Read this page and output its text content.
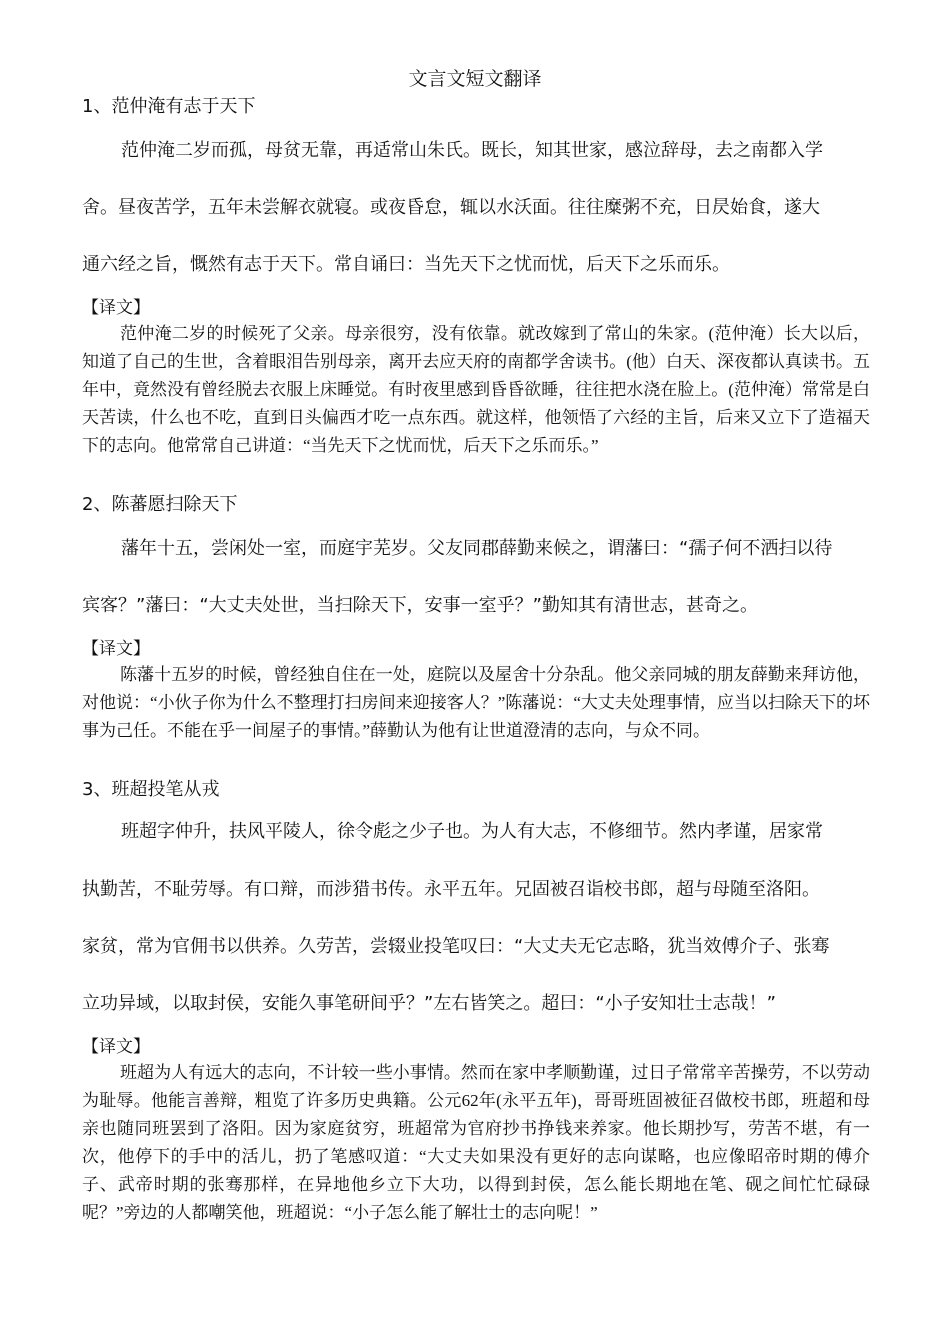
文言文短文翻译
1、范仲淹有志于天下
范仲淹二岁而孤，母贫无靠，再适常山朱氏。既长，知其世家，感泣辞母，去之南都入学
舍。昼夜苦学，五年未尝解衣就寝。或夜昏怠，辄以水沃面。往往糜粥不充，日昃始食，遂大
通六经之旨，慨然有志于天下。常自诵曰：当先天下之忧而忧，后天下之乐而乐。
【译文】

范仲淹二岁的时候死了父亲。母亲很穷，没有依靠。就改嫁到了常山的朱家。(范仲淹）长大以后，知道了自己的生世，含着眼泪告别母亲，离开去应天府的南都学舍读书。(他）白天、深夜都认真读书。五年中，竟然没有曾经脱去衣服上床睡觉。有时夜里感到昏昏欲睡，往往把水浇在脸上。(范仲淹）常常是白天苦读，什么也不吃，直到日头偏西才吃一点东西。就这样，他领悟了六经的主旨，后来又立下了造福天下的志向。他常常自己讲道：“当先天下之忧而忧，后天下之乐而乐。”

2、陈蕃愿扫除天下
藩年十五，尝闲处一室，而庭宇芜岁。父友同郡薛勤来候之，谓藩曰：“孺子何不洒扫以待
宾客？”藩曰：“大丈夫处世，当扫除天下，安事一室乎？”勤知其有清世志，甚奇之。
【译文】

陈藩十五岁的时候，曾经独自住在一处，庭院以及屋舍十分杂乱。他父亲同城的朋友薛勤来拜访他，对他说：“小伙子你为什么不整理打扫房间来迎接客人？”陈藩说：“大丈夫处理事情，应当以扫除天下的坏事为己任。不能在乎一间屋子的事情。”薛勤认为他有让世道澄清的志向，与众不同。

3、班超投笔从戎
班超字仲升，扶风平陵人，徐令彪之少子也。为人有大志，不修细节。然内孝谨，居家常
执勤苦，不耻劳辱。有口辩，而涉猎书传。永平五年。兄固被召诣校书郎，超与母随至洛阳。
家贫，常为官佣书以供养。久劳苦，尝辍业投笔叹曰：“大丈夫无它志略，犹当效傅介子、张骞
立功异域，以取封侯，安能久事笔研间乎？”左右皆笑之。超曰：“小子安知壮士志哉！”
【译文】

班超为人有远大的志向，不计较一些小事情。然而在家中孝顺勤谨，过日子常常辛苦操劳，不以劳动为耻辱。他能言善辩，粗览了许多历史典籍。公元62年(永平五年)，哥哥班固被征召做校书郎，班超和母亲也随同班罢到了洛阳。因为家庭贫穷，班超常为官府抄书挣钱来养家。他长期抄写，劳苦不堪，有一次，他停下的手中的活儿，扔了笔感叹道：“大丈夫如果没有更好的志向谋略，也应像昭帝时期的傅介子、武帝时期的张骞那样，在异地他乡立下大功，以得到封侯，怎么能长期地在笔、砚之间忙忙碌碌呢？”旁边的人都嘲笑他，班超说：“小子怎么能了解壮士的志向呢！”
